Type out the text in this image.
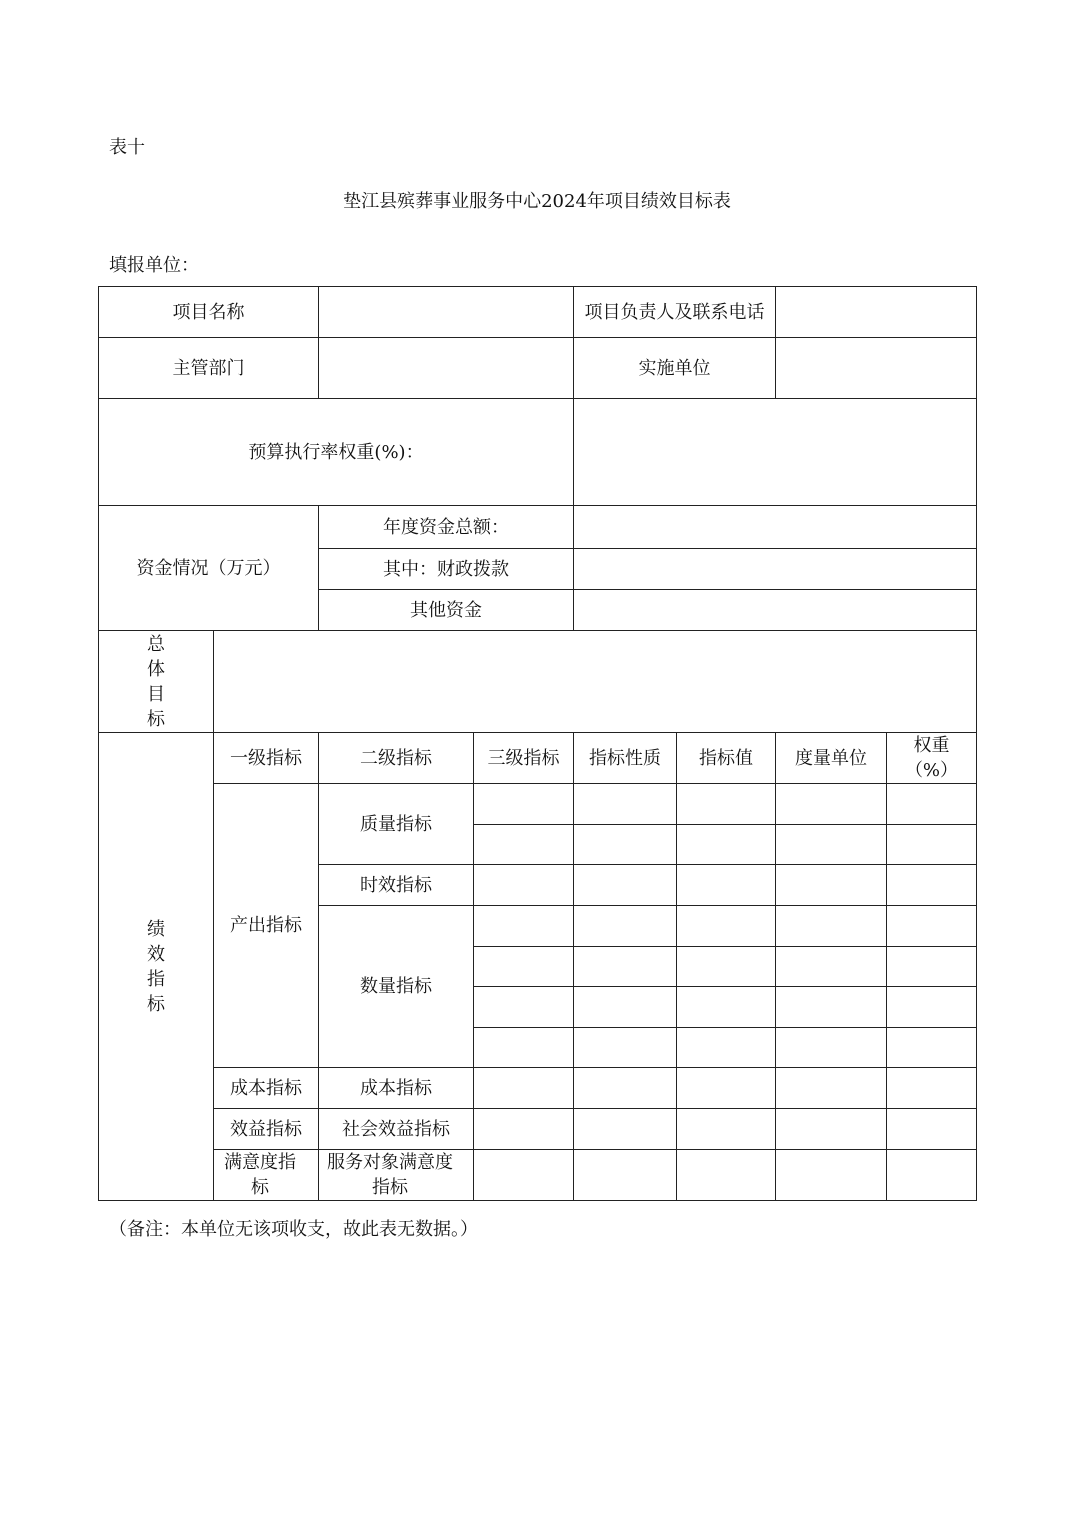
表十
垫江县殡葬事业服务中心2024年项目绩效目标表
填报单位：
项目名称				项目负责人及联系电话			
主管部门				实施单位			
预算执行率权重(%)：							

资金情况（万元）		年度资金总额：					
		其中：财政拨款					
		其他资金					
总体目标							
绩效指标	一级指标	二级指标	三级指标	指标性质	指标值	度量单位	权重（%）

	产出指标	质量指标					

		时效指标					
		数量指标					

	成本指标	成本指标					
	效益指标	社会效益指标					

	满意度指标	服务对象满意度指标					

（备注：本单位无该项收支，故此表无数据。）
